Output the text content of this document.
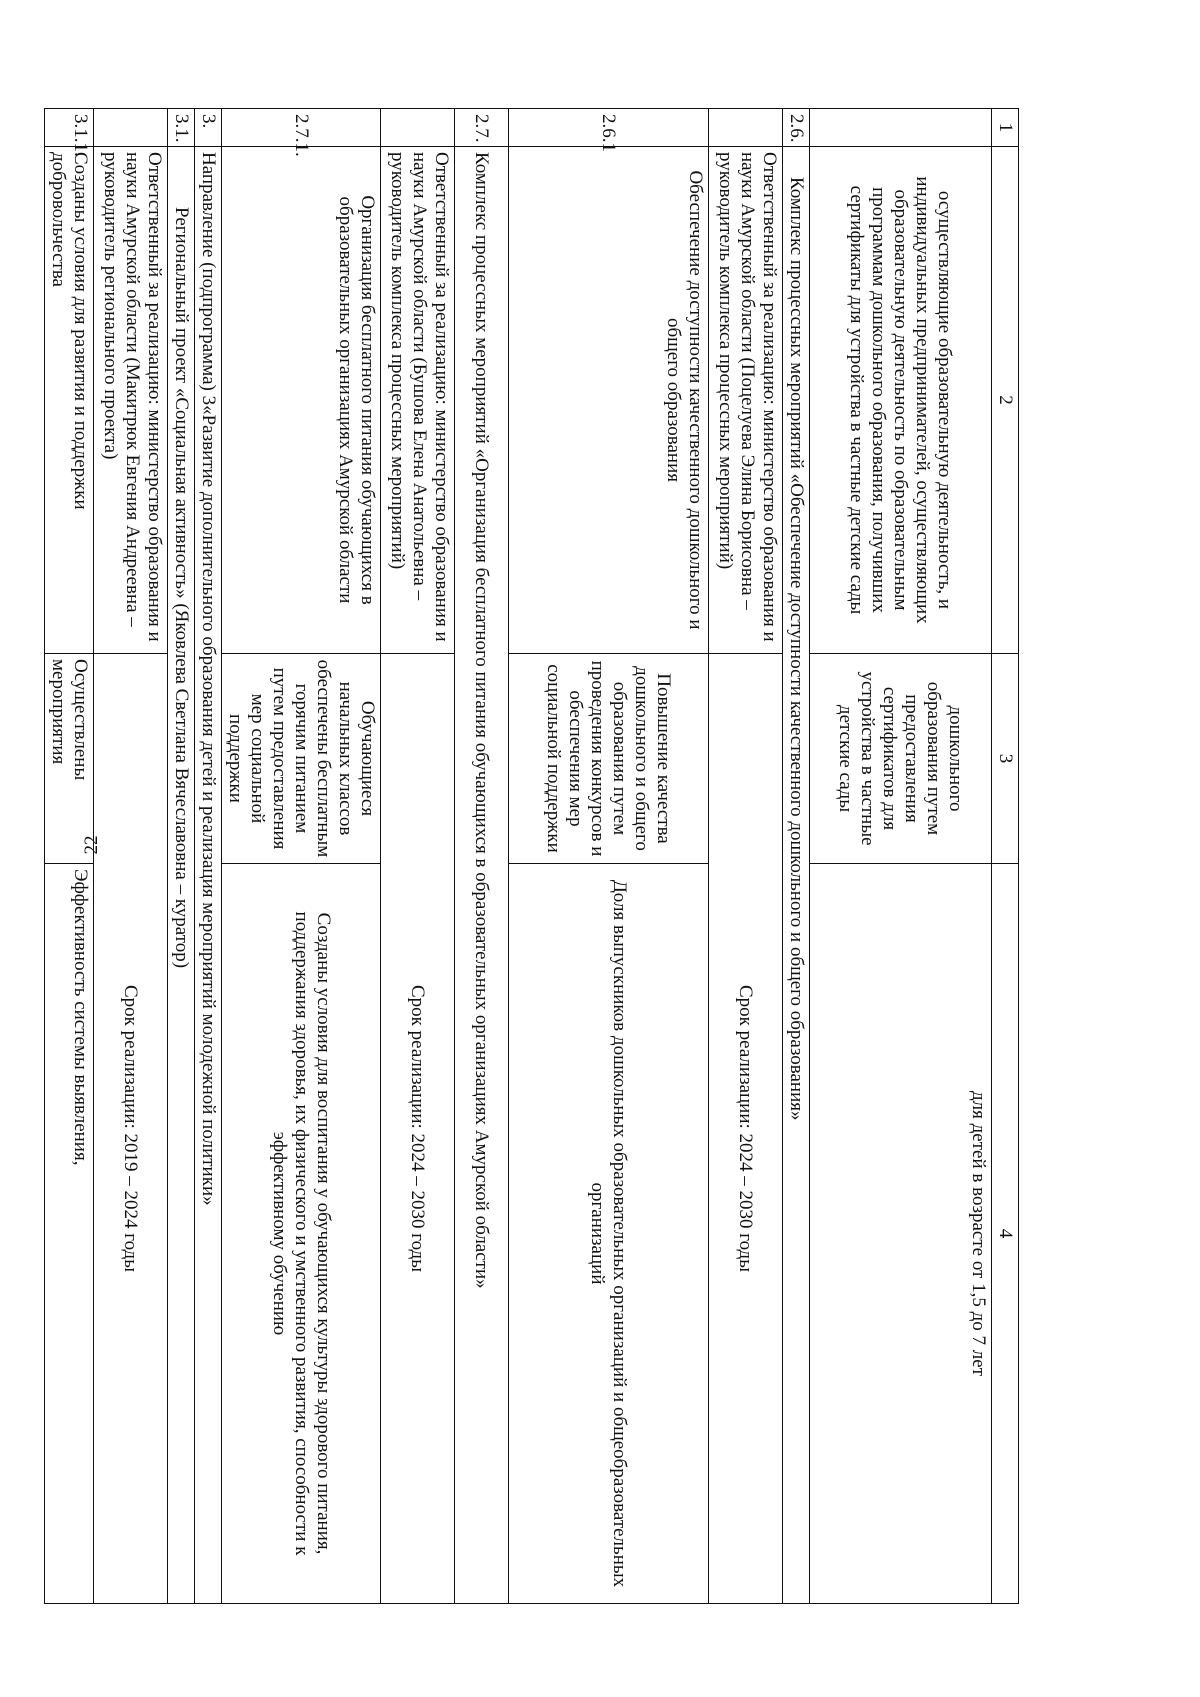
22
1	2	3	4
	осуществляющие образовательную деятельность, и индивидуальных предпринимателей, осуществляющих образовательную деятельность по образовательным программам дошкольного образования, получивших сертификаты для устройства в частные детские сады	дошкольного образования путем предоставления сертификатов для устройства в частные детские сады	для детей в возрасте от 1,5 до 7 лет
2.6.	Комплекс процессных мероприятий «Обеспечение доступности качественного дошкольного и общего образования»		
	Ответственный за реализацию: министерство образования и науки Амурской области (Поцелуева Элина Борисовна – руководитель комплекса процессных мероприятий)	Срок реализации: 2024 – 2030 годы	
2.6.1	Обеспечение доступности качественного дошкольного и общего образования	Повышение качества дошкольного и общего образования путем проведения конкурсов и обеспечения мер социальной поддержки	Доля выпускников дошкольных образовательных организаций и общеобразовательных организаций
2.7.	Комплекс процессных мероприятий «Организация бесплатного питания обучающихся в образовательных организациях Амурской области»		
	Ответственный за реализацию: министерство образования и науки Амурской области (Бушова Елена Анатольевна – руководитель комплекса процессных мероприятий)	Срок реализации: 2024 – 2030 годы	
2.7.1.	Организация бесплатного питания обучающихся в образовательных организациях Амурской области	Обучающиеся начальных классов обеспечены бесплатным горячим питанием путем предоставления мер социальной поддержки	Созданы условия для воспитания у обучающихся культуры здорового питания, поддержания здоровья, их физического и умственного развития, способности к эффективному обучению
3.	Направление (подпрограмма) 3«Развитие дополнительного образования детей и реализация мероприятий молодежной политики»		
3.1.	Региональный проект «Социальная активность» (Яковлева Светлана Вячеславовна – куратор)		
	Ответственный за реализацию: министерство образования и науки Амурской области (Макитрюк Евгения Андреевна – руководитель регионального проекта)	Срок реализации: 2019 – 2024 годы	
3.1.1.	Созданы условия для развития и поддержки добровольчества	Осуществлены мероприятия	Эффективность системы выявления,
